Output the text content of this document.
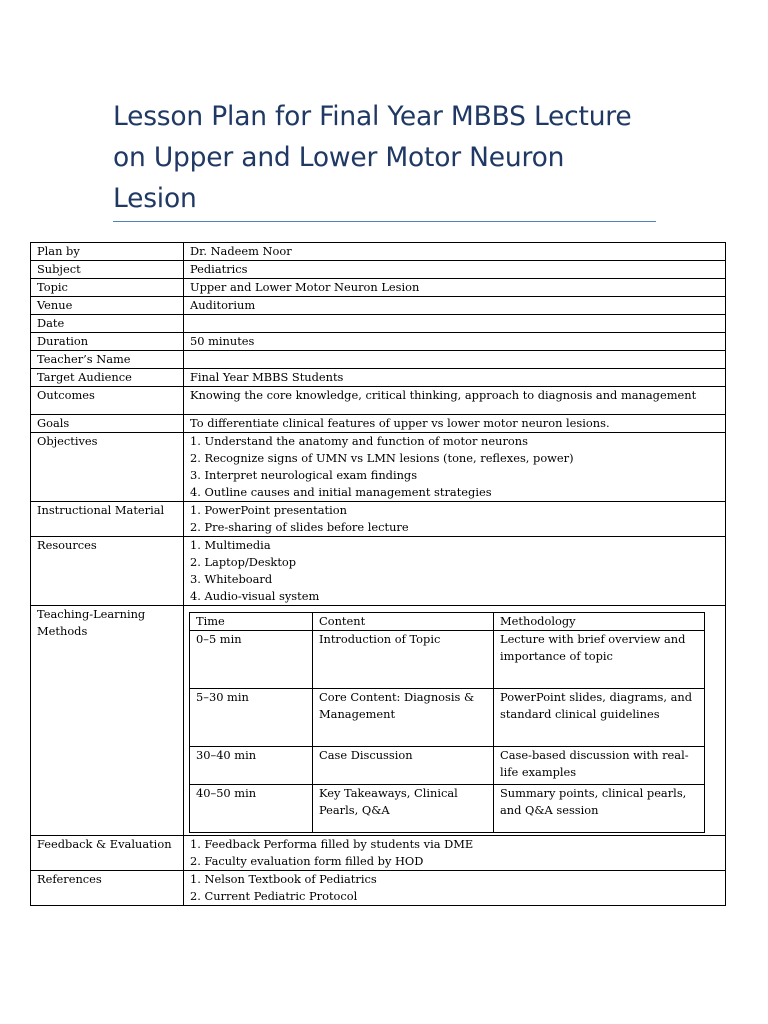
Lesson Plan for Final Year MBBS Lecture
on Upper and Lower Motor Neuron
Lesion
Plan by	Dr. Nadeem Noor
Subject	Pediatrics
Topic	Upper and Lower Motor Neuron Lesion
Venue	Auditorium
Date	
Duration	50 minutes
Teacher’s Name	
Target Audience	Final Year MBBS Students
Outcomes	Knowing the core knowledge, critical thinking, approach to diagnosis and management
Goals	To differentiate clinical features of upper vs lower motor neuron lesions.
Objectives	1. Understand the anatomy and function of motor neurons
2. Recognize signs of UMN vs LMN lesions (tone, reflexes, power)
3. Interpret neurological exam findings
4. Outline causes and initial management strategies

Instructional Material	1. PowerPoint presentation
2. Pre-sharing of slides before lecture

Resources	1. Multimedia
2. Laptop/Desktop
3. Whiteboard
4. Audio-visual system

Teaching-Learning
Methods

Time	Content	Methodology
0–5 min	Introduction of Topic	Lecture with brief overview and importance of topic
5–30 min	Core Content: Diagnosis & Management	PowerPoint slides, diagrams, and standard clinical guidelines
30–40 min	Case Discussion	Case-based discussion with real-life examples
40–50 min	Key Takeaways, Clinical Pearls, Q&A	Summary points, clinical pearls, and Q&A session

Feedback & Evaluation	1. Feedback Performa filled by students via DME
2. Faculty evaluation form filled by HOD

References	1. Nelson Textbook of Pediatrics
2. Current Pediatric Protocol
